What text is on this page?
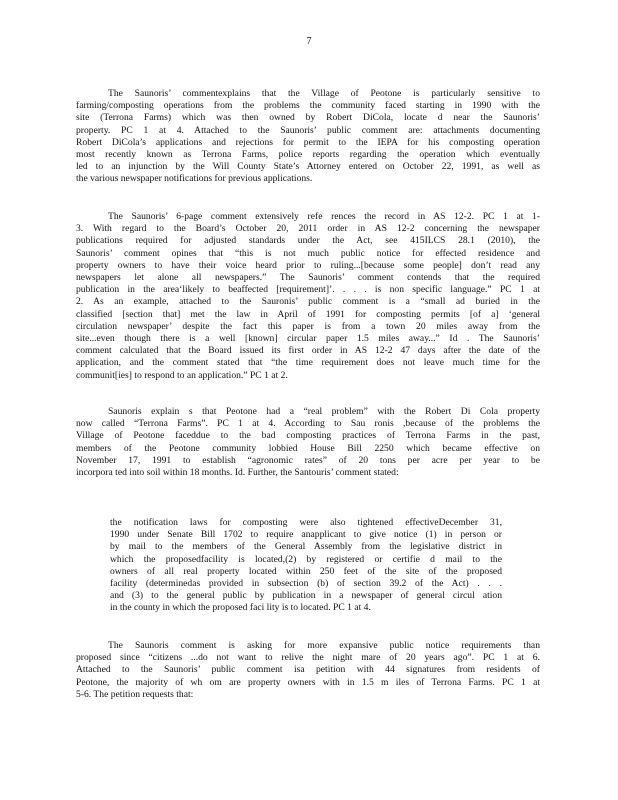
7

The Saunoris’ commentexplains that the Village of Peotone is particularly sensitive to
farming/composting operations from the problems the community faced starting in 1990 with the
site (Terrona Farms) which was then owned by Robert DiCola, locate d near the Saunoris’
property. PC 1 at 4. Attached to the Saunoris’ public comment are: attachments documenting
Robert DiCola’s applications and rejections for permit to the IEPA for his composting operation
most recently known as Terrona Farms, police reports regarding the operation which eventually
led to an injunction by the Will County State’s Attorney entered on October 22, 1991, as well as
the various newspaper notifications for previous applications.

The Saunoris’ 6-page comment extensively refe rences the record in AS 12-2. PC 1 at 1-
3. With regard to the Board’s October 20, 2011 order in AS 12-2 concerning the newspaper
publications required for adjusted standards under the Act, see 415ILCS 28.1 (2010), the
Saunoris’ comment opines that “this is not much public notice for effected residence and
property owners to have their voice heard prior to ruling...[because some people] don’t read any
newspapers let alone all newspapers.” The Saunoris’ comment contends that the required
publication in the area‘likely to beaffected [requirement]’. . . . is non specific language.” PC 1 at
2. As an example, attached to the Sauronis’ public comment is a “small ad buried in the
classified [section that] met the law in April of 1991 for composting permits [of a] ‘general
circulation newspaper’ despite the fact this paper is from a town 20 miles away from the
site...even though there is a well [known] circular paper 1.5 miles away...” Id . The Saunoris’
comment calculated that the Board issued its first order in AS 12-2 47 days after the date of the
application, and the comment stated that “the time requirement does not leave much time for the
communit[ies] to respond to an application.” PC 1 at 2.

Saunoris explain s that Peotone had a “real problem” with the Robert Di Cola property
now called “Terrona Farms”. PC 1 at 4. According to Sau ronis ,because of the problems the
Village of Peotone faceddue to the bad composting practices of Terrona Farms in the past,
members of the Peotone community lobbied House Bill 2250 which became effective on
November 17, 1991 to establish “agronomic rates” of 20 tons per acre per year to be
incorpora ted into soil within 18 months. Id. Further, the Santouris’ comment stated:

the notification laws for composting were also tightened effectiveDecember 31,
1990 under Senate Bill 1702 to require anapplicant to give notice (1) in person or
by mail to the members of the General Assembly from the legislative district in
which the proposedfacility is located,(2) by registered or certifie d mail to the
owners of all real property located within 250 feet of the site of the proposed
facility (determinedas provided in subsection (b) of section 39.2 of the Act) . . .
and (3) to the general public by publication in a newspaper of general circul ation
in the county in which the proposed faci lity is to located. PC 1 at 4.

The Saunoris comment is asking for more expansive public notice requirements than
proposed since “citizens ...do not want to relive the night mare of 20 years ago”. PC 1 at 6.
Attached to the Saunoris’ public comment isa petition with 44 signatures from residents of
Peotone, the majority of wh om are property owners with in 1.5 m iles of Terrona Farms. PC 1 at
5-6. The petition requests that:
